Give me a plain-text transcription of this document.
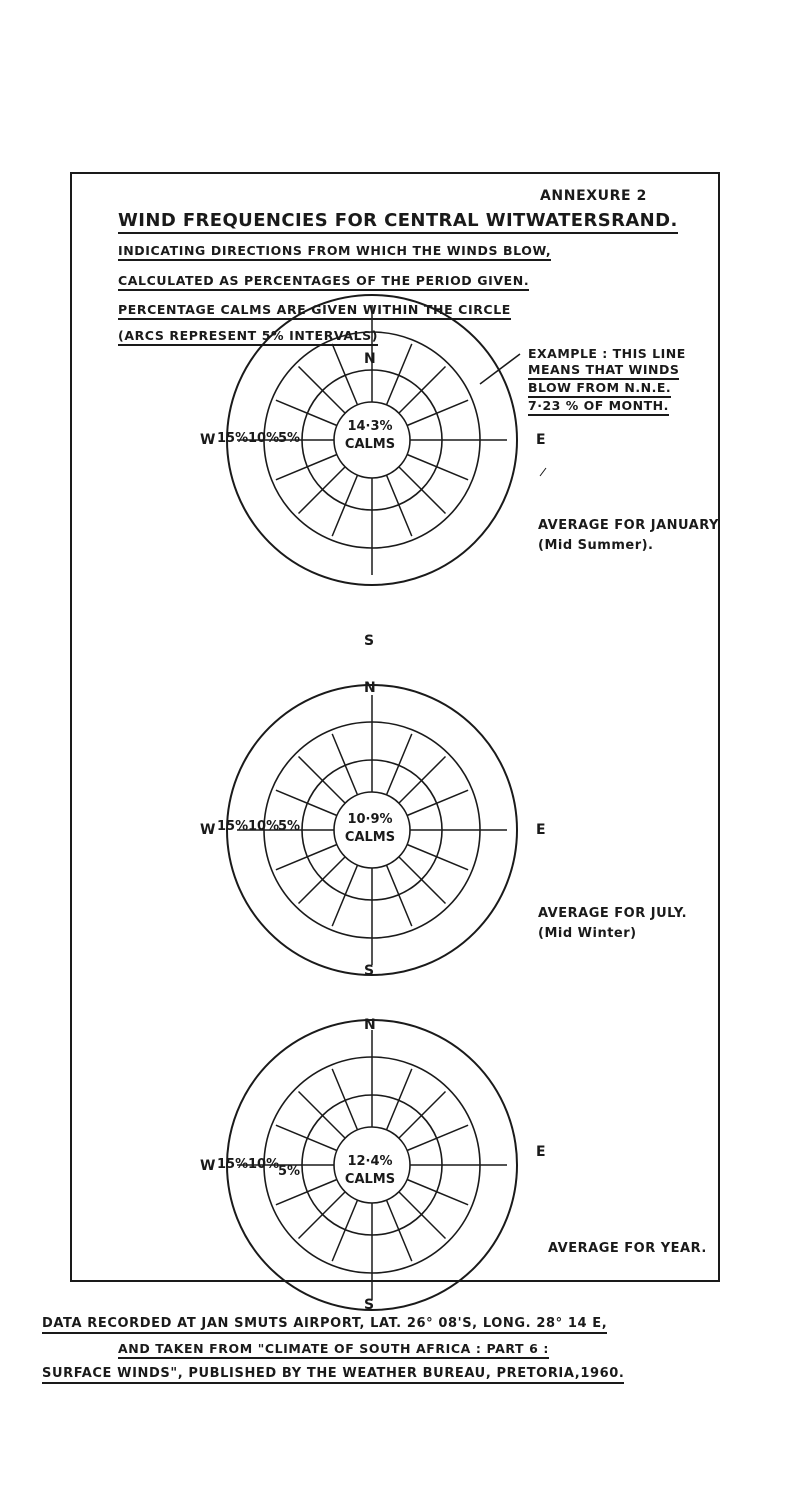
ANNEXURE 2
WIND FREQUENCIES FOR CENTRAL WITWATERSRAND.
INDICATING DIRECTIONS FROM WHICH THE WINDS BLOW,
CALCULATED AS PERCENTAGES OF THE PERIOD GIVEN.
PERCENTAGE CALMS ARE GIVEN WITHIN THE CIRCLE
(ARCS REPRESENT 5% INTERVALS)
N
S
E
W
14·3%
CALMS
15% 10%
5%
EXAMPLE : THIS LINE
MEANS THAT WINDS
BLOW FROM N.N.E.
7·23 % OF MONTH.
AVERAGE FOR JANUARY
(Mid Summer).
N
S
E
W
10·9%
CALMS
15% 10%
5%
AVERAGE FOR JULY.
(Mid Winter)
N
S
E
W	12·4%
CALMS
15% 10%
5%
AVERAGE FOR YEAR.
DATA RECORDED AT JAN SMUTS AIRPORT, LAT. 26° 08'S, LONG. 28° 14 E,
AND TAKEN FROM "CLIMATE OF SOUTH AFRICA : PART 6 :
SURFACE WINDS", PUBLISHED BY THE WEATHER BUREAU, PRETORIA,1960.
